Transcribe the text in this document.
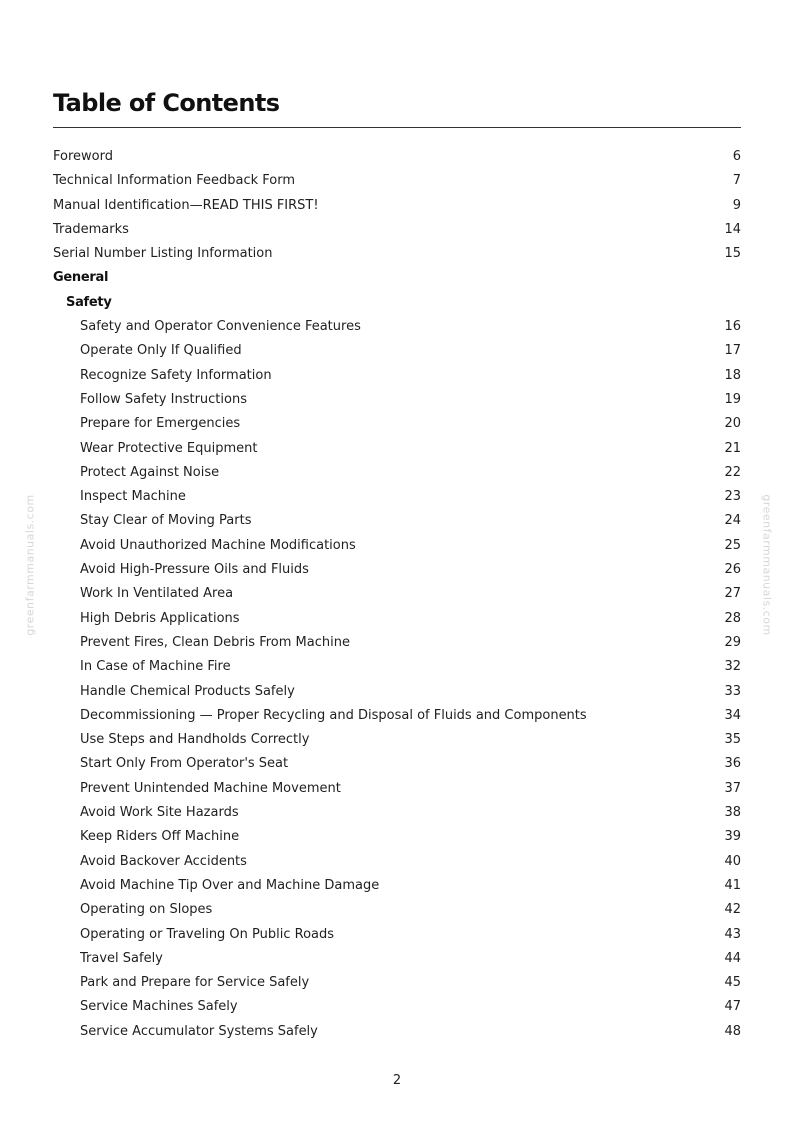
Table of Contents
Foreword	6
Technical Information Feedback Form	7
Manual Identification—READ THIS FIRST!	9
Trademarks	14
Serial Number Listing Information	15
General
Safety
Safety and Operator Convenience Features	16
Operate Only If Qualified	17
Recognize Safety Information	18
Follow Safety Instructions	19
Prepare for Emergencies	20
Wear Protective Equipment	21
Protect Against Noise	22
Inspect Machine	23
Stay Clear of Moving Parts	24
Avoid Unauthorized Machine Modifications	25
Avoid High-Pressure Oils and Fluids	26
Work In Ventilated Area	27
High Debris Applications	28
Prevent Fires, Clean Debris From Machine	29
In Case of Machine Fire	32
Handle Chemical Products Safely	33
Decommissioning — Proper Recycling and Disposal of Fluids and Components	34
Use Steps and Handholds Correctly	35
Start Only From Operator's Seat	36
Prevent Unintended Machine Movement	37
Avoid Work Site Hazards	38
Keep Riders Off Machine	39
Avoid Backover Accidents	40
Avoid Machine Tip Over and Machine Damage	41
Operating on Slopes	42
Operating or Traveling On Public Roads	43
Travel Safely	44
Park and Prepare for Service Safely	45
Service Machines Safely	47
Service Accumulator Systems Safely	48
greenfarmmanuals.com	greenfarmmanuals.com
2
